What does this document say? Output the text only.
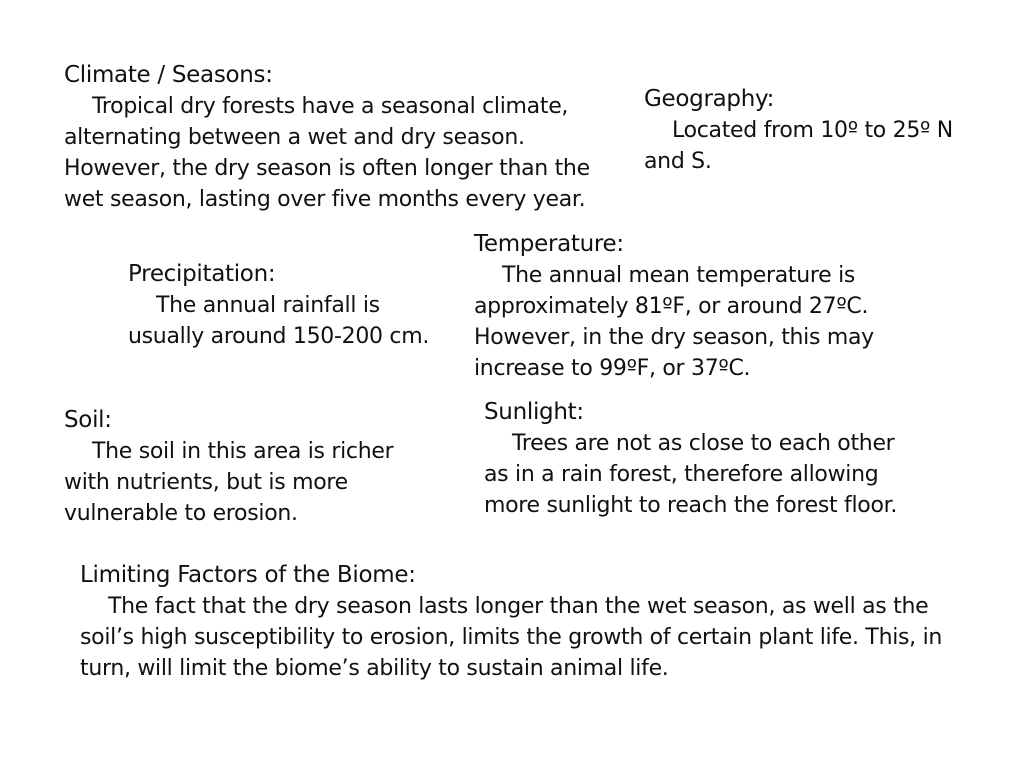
Climate / Seasons:
Tropical dry forests have a seasonal climate, alternating between a wet and dry season. However, the dry season is often longer than the wet season, lasting over five months every year.
Geography:
Located from 10º to 25º N and S.
Temperature:
The annual mean temperature is approximately 81ºF, or around 27ºC. However, in the dry season, this may increase to 99ºF, or 37ºC.
Precipitation:
The annual rainfall is usually around 150-200 cm.
Sunlight:
Trees are not as close to each other as in a rain forest, therefore allowing more sunlight to reach the forest floor.
Soil:
The soil in this area is richer with nutrients, but is more vulnerable to erosion.
Limiting Factors of the Biome:
The fact that the dry season lasts longer than the wet season, as well as the soil’s high susceptibility to erosion, limits the growth of certain plant life. This, in turn, will limit the biome’s ability to sustain animal life.
